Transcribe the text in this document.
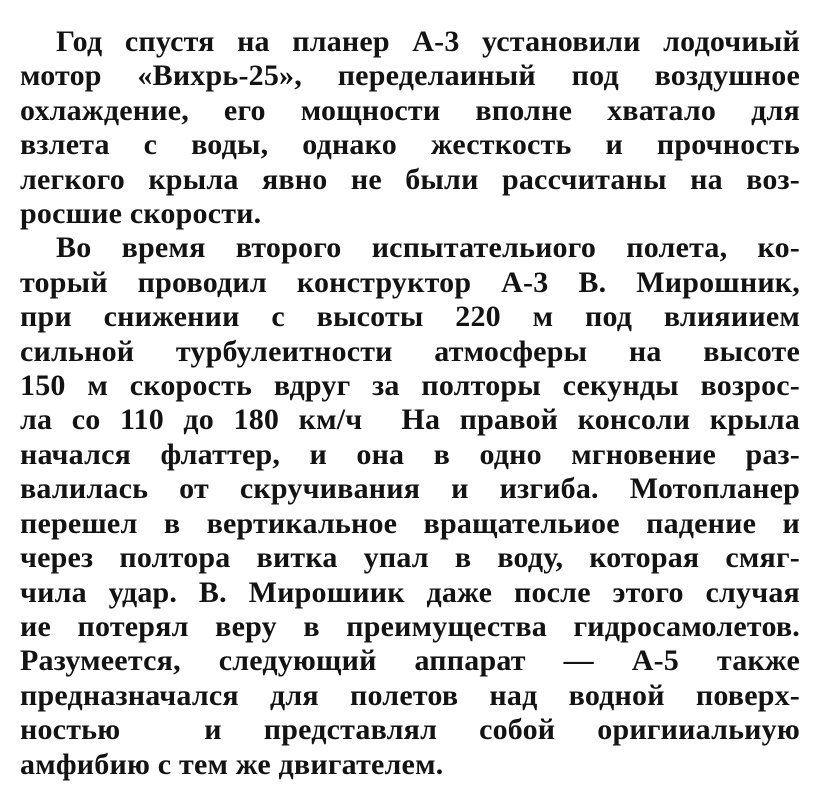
Год спустя на планер А-3 установили лодочиый
мотор «Вихрь-25», переделаиный под воздушное
охлаждение, его мощности вполне хватало для
взлета с воды, однако жесткость и прочность
легкого крыла явно не были рассчитаны на воз-
росшие скорости.
Во время второго испытательиого полета, ко-
торый проводил конструктор А-3 В. Мирошник,
при снижении с высоты 220 м под влияиием
сильной турбулеитности атмосферы на высоте
150 м скорость вдруг за полторы секунды возрос-
ла со 110 до 180 км/ч  На правой консоли крыла
начался флаттер, и она в одно мгновение раз-
валилась от скручивания и изгиба. Мотопланер
перешел в вертикальное вращательиое падение и
через полтора витка упал в воду, которая смяг-
чила удар. В. Мирошиик даже после этого случая
ие потерял веру в преимущества гидросамолетов.
Разумеется, следующий аппарат — А-5 также
предназначался для полетов над водной поверх-
ностью  и представлял собой оригииальиую
амфибию с тем же двигателем.
